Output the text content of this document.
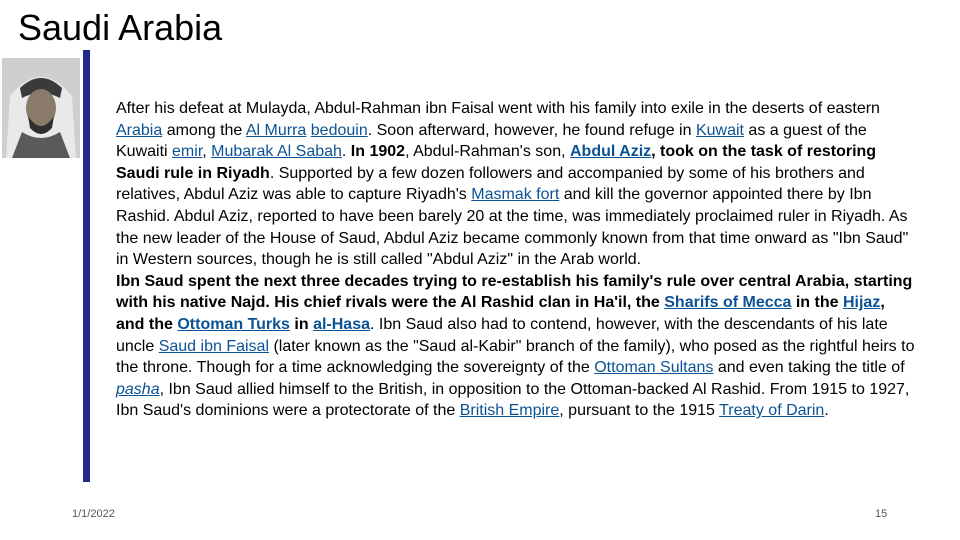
Saudi Arabia

After his defeat at Mulayda, Abdul-Rahman ibn Faisal went with his family into exile in the deserts of eastern Arabia among the Al Murra bedouin. Soon afterward, however, he found refuge in Kuwait as a guest of the Kuwaiti emir, Mubarak Al Sabah. In 1902, Abdul-Rahman's son, Abdul Aziz, took on the task of restoring Saudi rule in Riyadh. Supported by a few dozen followers and accompanied by some of his brothers and relatives, Abdul Aziz was able to capture Riyadh's Masmak fort and kill the governor appointed there by Ibn Rashid. Abdul Aziz, reported to have been barely 20 at the time, was immediately proclaimed ruler in Riyadh. As the new leader of the House of Saud, Abdul Aziz became commonly known from that time onward as "Ibn Saud" in Western sources, though he is still called "Abdul Aziz" in the Arab world.

Ibn Saud spent the next three decades trying to re-establish his family's rule over central Arabia, starting with his native Najd. His chief rivals were the Al Rashid clan in Ha'il, the Sharifs of Mecca in the Hijaz, and the Ottoman Turks in al-Hasa. Ibn Saud also had to contend, however, with the descendants of his late uncle Saud ibn Faisal (later known as the "Saud al-Kabir" branch of the family), who posed as the rightful heirs to the throne. Though for a time acknowledging the sovereignty of the Ottoman Sultans and even taking the title of pasha, Ibn Saud allied himself to the British, in opposition to the Ottoman-backed Al Rashid. From 1915 to 1927, Ibn Saud's dominions were a protectorate of the British Empire, pursuant to the 1915 Treaty of Darin.

1/1/2022	15
